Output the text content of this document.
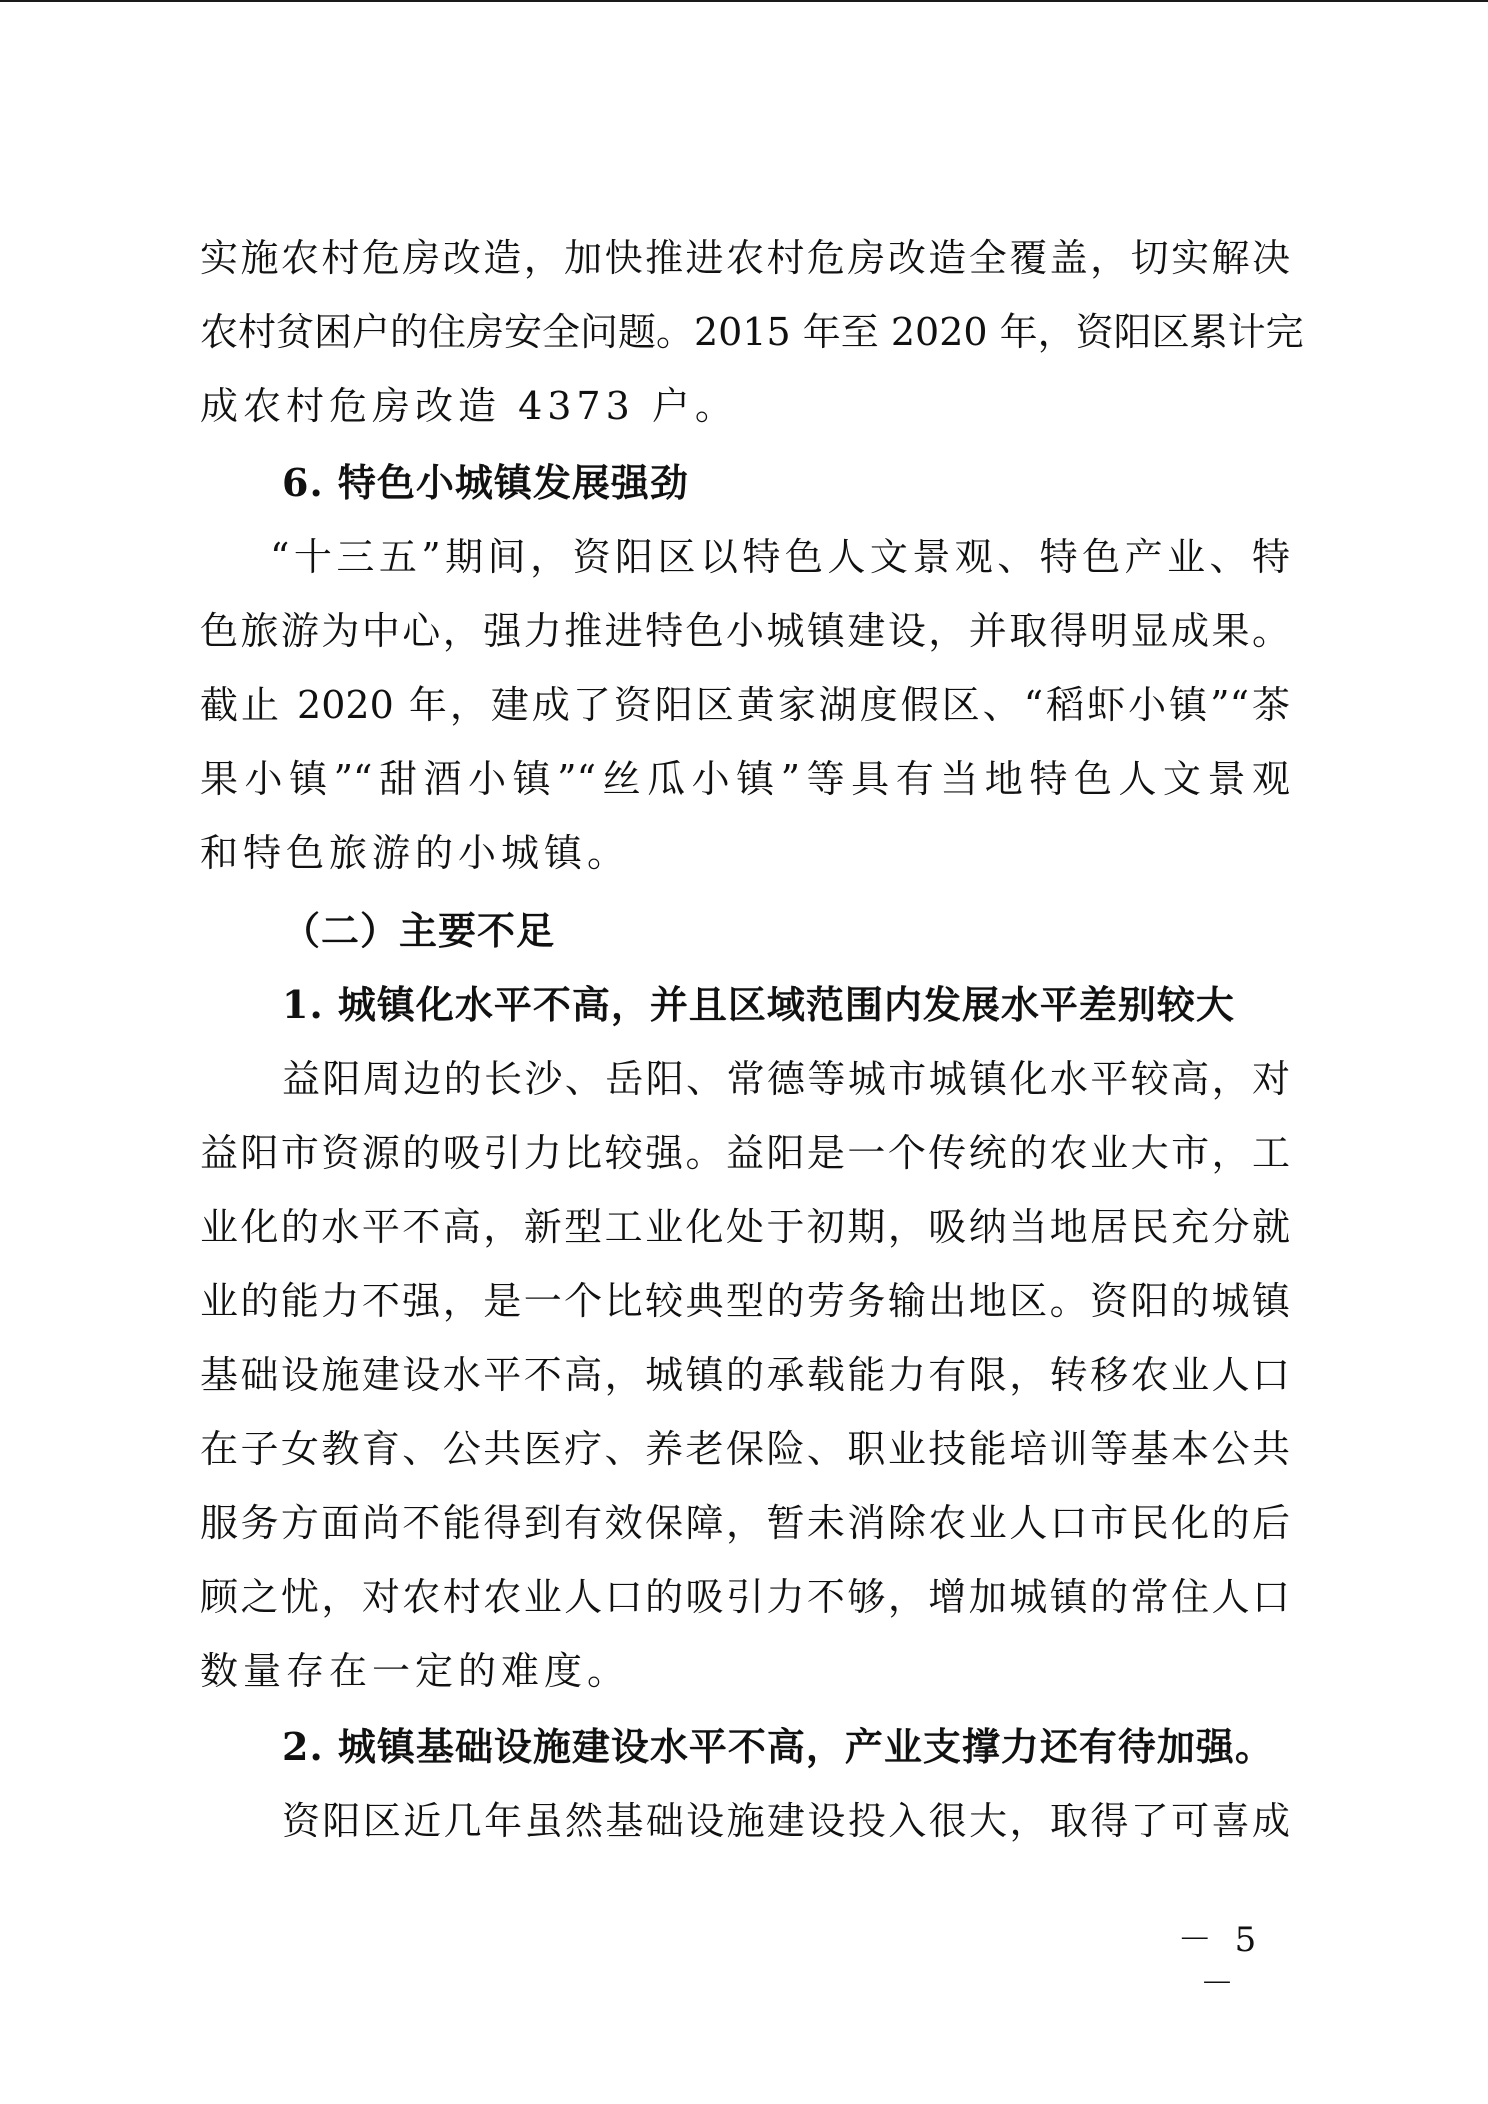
实施农村危房改造，加快推进农村危房改造全覆盖，切实解决
农村贫困户的住房安全问题。2015 年至 2020 年，资阳区累计完
成农村危房改造 4373 户。
6. 特色小城镇发展强劲
“十三五”期间，资阳区以特色人文景观、特色产业、特
色旅游为中心，强力推进特色小城镇建设，并取得明显成果。
截止 2020 年，建成了资阳区黄家湖度假区、“稻虾小镇”“茶
果小镇”“甜酒小镇”“丝瓜小镇”等具有当地特色人文景观
和特色旅游的小城镇。
（二）主要不足
1. 城镇化水平不高，并且区域范围内发展水平差别较大
益阳周边的长沙、岳阳、常德等城市城镇化水平较高，对
益阳市资源的吸引力比较强。益阳是一个传统的农业大市，工
业化的水平不高，新型工业化处于初期，吸纳当地居民充分就
业的能力不强，是一个比较典型的劳务输出地区。资阳的城镇
基础设施建设水平不高，城镇的承载能力有限，转移农业人口
在子女教育、公共医疗、养老保险、职业技能培训等基本公共
服务方面尚不能得到有效保障，暂未消除农业人口市民化的后
顾之忧，对农村农业人口的吸引力不够，增加城镇的常住人口
数量存在一定的难度。
2. 城镇基础设施建设水平不高，产业支撑力还有待加强。
资阳区近几年虽然基础设施建设投入很大，取得了可喜成
－ 5 －
